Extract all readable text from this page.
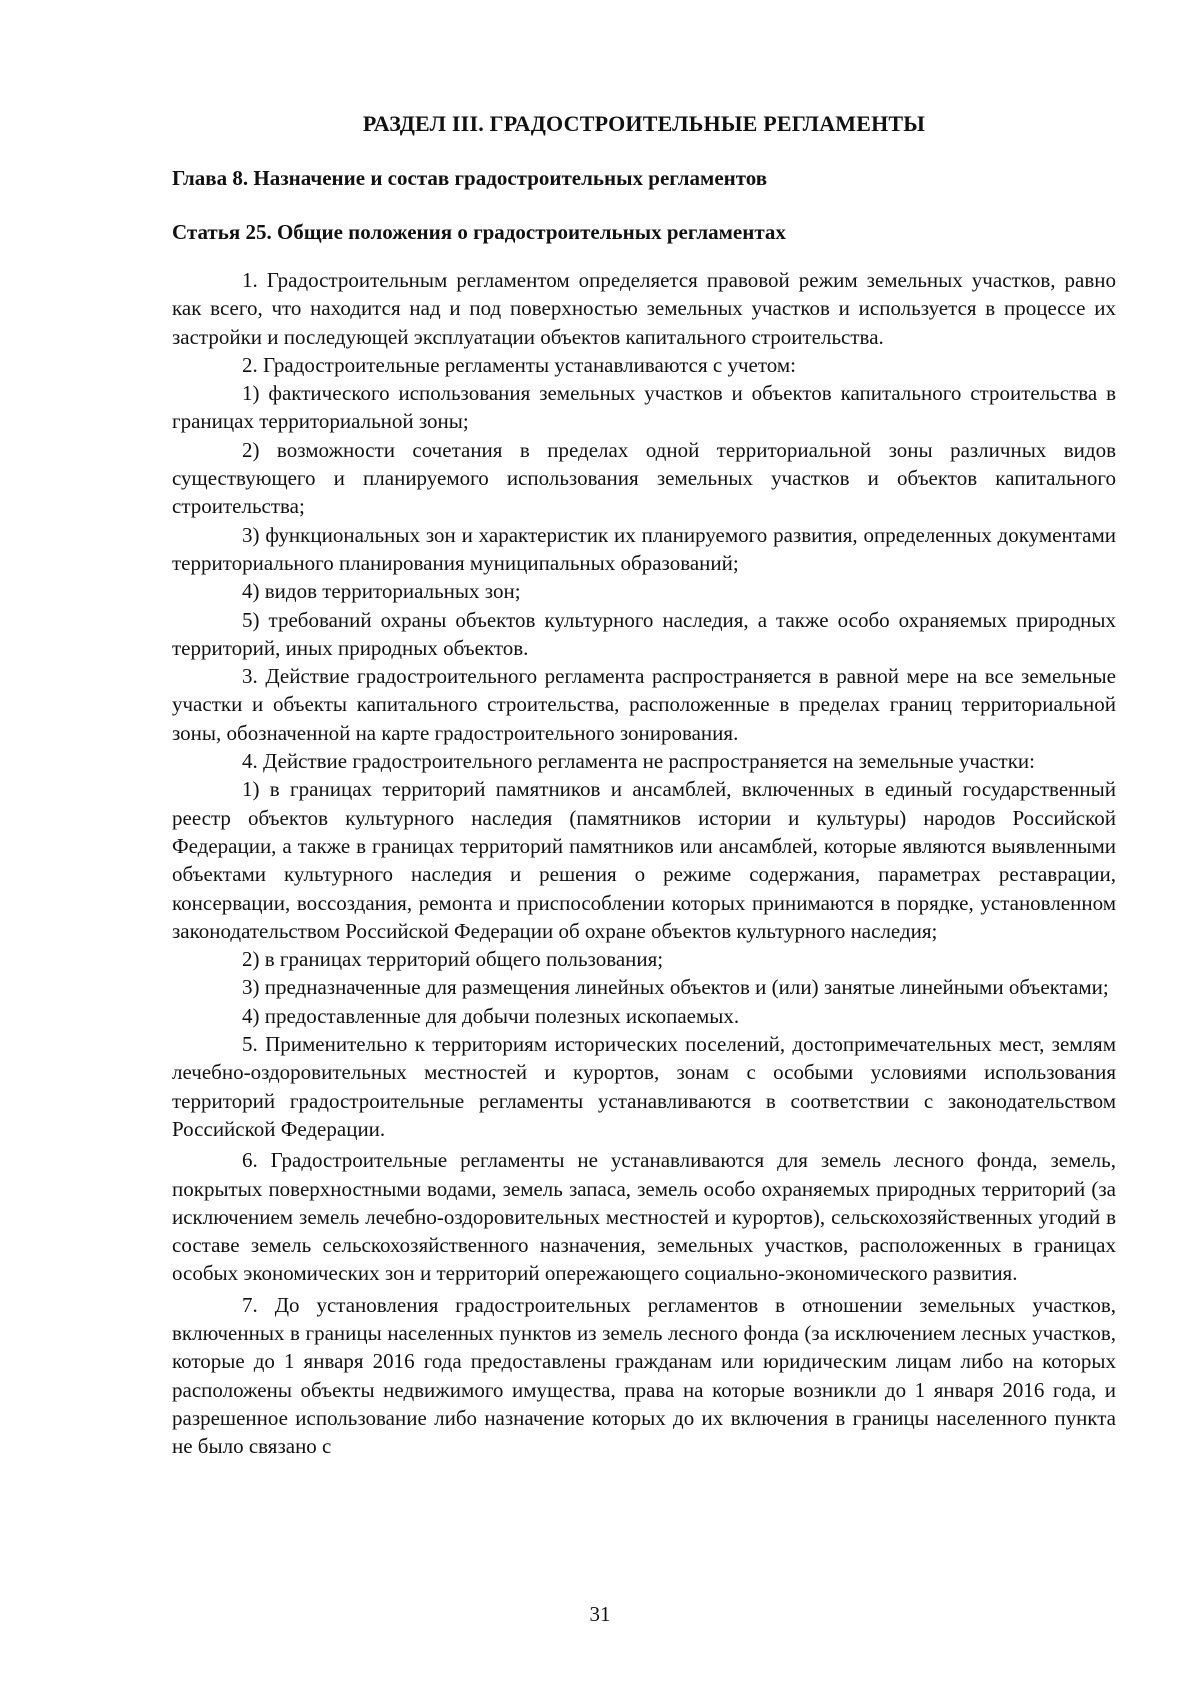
РАЗДЕЛ III. ГРАДОСТРОИТЕЛЬНЫЕ РЕГЛАМЕНТЫ
Глава 8. Назначение и состав градостроительных регламентов
Статья 25. Общие положения о градостроительных регламентах

1. Градостроительным регламентом определяется правовой режим земельных участков, равно как всего, что находится над и под поверхностью земельных участков и используется в процессе их застройки и последующей эксплуатации объектов капитального строительства.

2. Градостроительные регламенты устанавливаются с учетом:

1) фактического использования земельных участков и объектов капитального строительства в границах территориальной зоны;

2) возможности сочетания в пределах одной территориальной зоны различных видов существующего и планируемого использования земельных участков и объектов капитального строительства;

3) функциональных зон и характеристик их планируемого развития, определенных документами территориального планирования муниципальных образований;

4) видов территориальных зон;

5) требований охраны объектов культурного наследия, а также особо охраняемых природных территорий, иных природных объектов.

3. Действие градостроительного регламента распространяется в равной мере на все земельные участки и объекты капитального строительства, расположенные в пределах границ территориальной зоны, обозначенной на карте градостроительного зонирования.

4. Действие градостроительного регламента не распространяется на земельные участки:

1) в границах территорий памятников и ансамблей, включенных в единый государственный реестр объектов культурного наследия (памятников истории и культуры) народов Российской Федерации, а также в границах территорий памятников или ансамблей, которые являются выявленными объектами культурного наследия и решения о режиме содержания, параметрах реставрации, консервации, воссоздания, ремонта и приспособлении которых принимаются в порядке, установленном законодательством Российской Федерации об охране объектов культурного наследия;

2) в границах территорий общего пользования;

3) предназначенные для размещения линейных объектов и (или) занятые линейными объектами;

4) предоставленные для добычи полезных ископаемых.

5. Применительно к территориям исторических поселений, достопримечательных мест, землям лечебно-оздоровительных местностей и курортов, зонам с особыми условиями использования территорий градостроительные регламенты устанавливаются в соответствии с законодательством Российской Федерации.

6. Градостроительные регламенты не устанавливаются для земель лесного фонда, земель, покрытых поверхностными водами, земель запаса, земель особо охраняемых природных территорий (за исключением земель лечебно-оздоровительных местностей и курортов), сельскохозяйственных угодий в составе земель сельскохозяйственного назначения, земельных участков, расположенных в границах особых экономических зон и территорий опережающего социально-экономического развития.

7. До установления градостроительных регламентов в отношении земельных участков, включенных в границы населенных пунктов из земель лесного фонда (за исключением лесных участков, которые до 1 января 2016 года предоставлены гражданам или юридическим лицам либо на которых расположены объекты недвижимого имущества, права на которые возникли до 1 января 2016 года, и разрешенное использование либо назначение которых до их включения в границы населенного пункта не было связано с

31
